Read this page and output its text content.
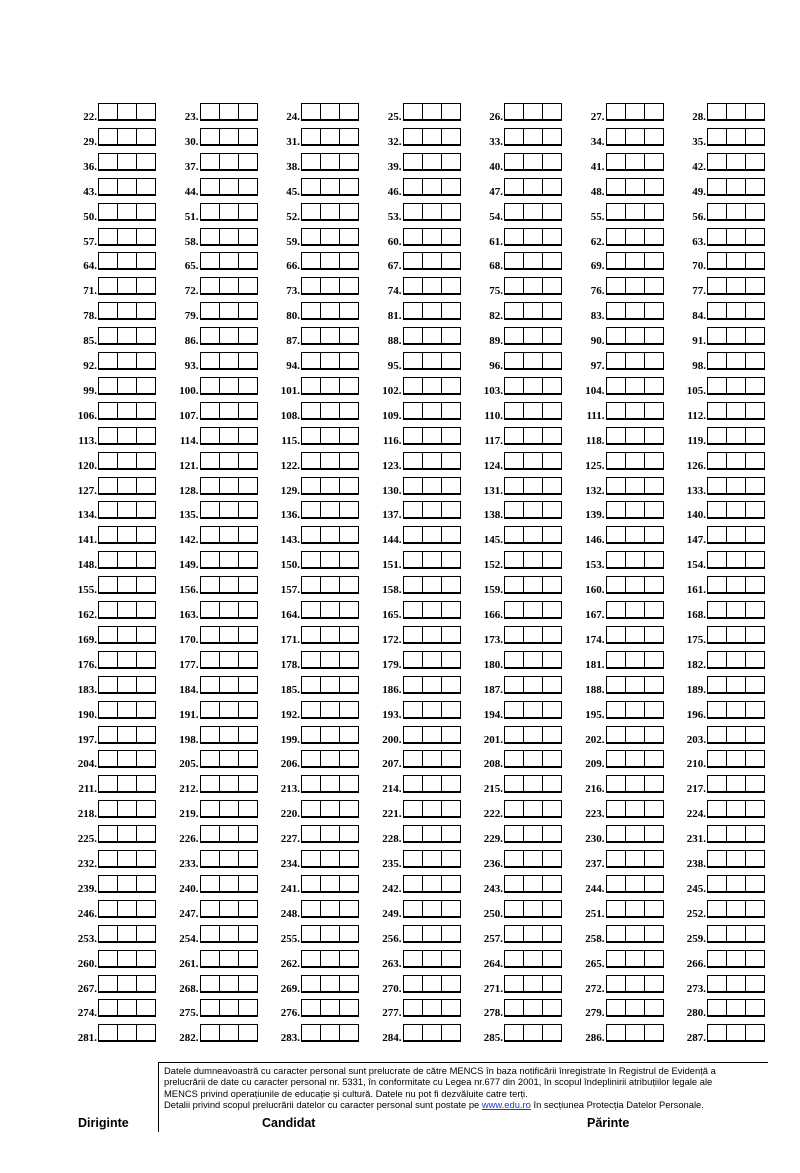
22.	23.	24.	25.	26.	27.	28.
29.	30.	31.	32.	33.	34.	35.
36.	37.	38.	39.	40.	41.	42.
43.	44.	45.	46.	47.	48.	49.
50.	51.	52.	53.	54.	55.	56.
57.	58.	59.	60.	61.	62.	63.
64.	65.	66.	67.	68.	69.	70.
71.	72.	73.	74.	75.	76.	77.
78.	79.	80.	81.	82.	83.	84.
85.	86.	87.	88.	89.	90.	91.
92.	93.	94.	95.	96.	97.	98.
99.	100.	101.	102.	103.	104.	105.
106.	107.	108.	109.	110.	111.	112.
113.	114.	115.	116.	117.	118.	119.
120.	121.	122.	123.	124.	125.	126.
127.	128.	129.	130.	131.	132.	133.
134.	135.	136.	137.	138.	139.	140.
141.	142.	143.	144.	145.	146.	147.
148.	149.	150.	151.	152.	153.	154.
155.	156.	157.	158.	159.	160.	161.
162.	163.	164.	165.	166.	167.	168.
169.	170.	171.	172.	173.	174.	175.
176.	177.	178.	179.	180.	181.	182.
183.	184.	185.	186.	187.	188.	189.
190.	191.	192.	193.	194.	195.	196.
197.	198.	199.	200.	201.	202.	203.
204.	205.	206.	207.	208.	209.	210.
211.	212.	213.	214.	215.	216.	217.
218.	219.	220.	221.	222.	223.	224.
225.	226.	227.	228.	229.	230.	231.
232.	233.	234.	235.	236.	237.	238.
239.	240.	241.	242.	243.	244.	245.
246.	247.	248.	249.	250.	251.	252.
253.	254.	255.	256.	257.	258.	259.
260.	261.	262.	263.	264.	265.	266.
267.	268.	269.	270.	271.	272.	273.
274.	275.	276.	277.	278.	279.	280.
281.	282.	283.	284.	285.	286.	287.

Datele dumneavoastră cu caracter personal sunt prelucrate de către MENCS în baza notificării înregistrate în Registrul de Evidență a

prelucrării de date cu caracter personal nr. 5331, în conformitate cu Legea nr.677 din 2001, în scopul îndeplinirii atribuțiilor legale ale

MENCS privind operațiunile de educație și cultură. Datele nu pot fi dezvăluite catre terți.

Detalii privind scopul prelucrării datelor cu caracter personal sunt postate pe www.edu.ro în secțiunea Protecția Datelor Personale.

Diriginte	Candidat	Părinte
